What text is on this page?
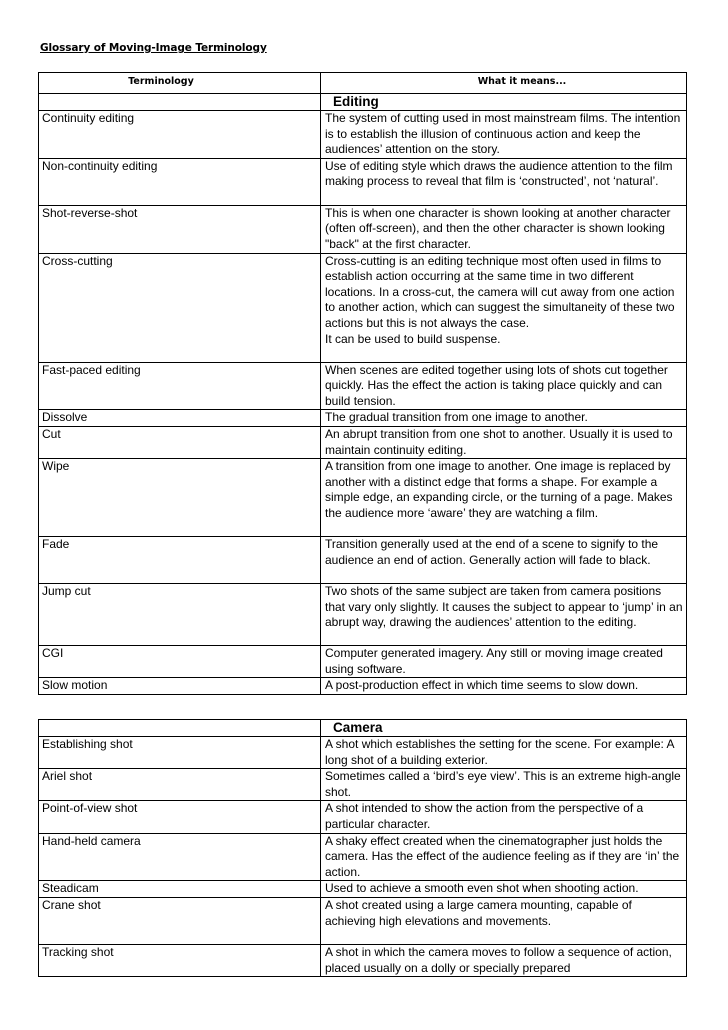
Glossary of Moving-Image Terminology
Terminology	What it means...
	Editing
Continuity editing	The system of cutting used in most mainstream films. The intention is to establish the illusion of continuous action and keep the audiences’ attention on the story.
Non-continuity editing	Use of editing style which draws the audience attention to the film making process to reveal that film is ‘constructed’, not ‘natural’.
Shot-reverse-shot	This is when one character is shown looking at another character (often off-screen), and then the other character is shown looking "back" at the first character.
Cross-cutting	Cross-cutting is an editing technique most often used in films to establish action occurring at the same time in two different locations. In a cross-cut, the camera will cut away from one action to another action, which can suggest the simultaneity of these two actions but this is not always the case.
It can be used to build suspense.
Fast-paced editing	When scenes are edited together using lots of shots cut together quickly. Has the effect the action is taking place quickly and can build tension.
Dissolve	The gradual transition from one image to another.
Cut	An abrupt transition from one shot to another. Usually it is used to maintain continuity editing.
Wipe	A transition from one image to another. One image is replaced by another with a distinct edge that forms a shape. For example a simple edge, an expanding circle, or the turning of a page. Makes the audience more ‘aware’ they are watching a film.
Fade	Transition generally used at the end of a scene to signify to the audience an end of action. Generally action will fade to black.
Jump cut	Two shots of the same subject are taken from camera positions that vary only slightly. It causes the subject to appear to ‘jump’ in an abrupt way, drawing the audiences’ attention to the editing.
CGI	Computer generated imagery. Any still or moving image created using software.
Slow motion	A post-production effect in which time seems to slow down.
	Camera
Establishing shot	A shot which establishes the setting for the scene. For example: A long shot of a building exterior.
Ariel shot	Sometimes called a ‘bird’s eye view’. This is an extreme high-angle shot.
Point-of-view shot	A shot intended to show the action from the perspective of a particular character.
Hand-held camera	A shaky effect created when the cinematographer just holds the camera. Has the effect of the audience feeling as if they are ‘in’ the action.
Steadicam	Used to achieve a smooth even shot when shooting action.
Crane shot	A shot created using a large camera mounting, capable of achieving high elevations and movements.
Tracking shot	A shot in which the camera moves to follow a sequence of action, placed usually on a dolly or specially prepared
